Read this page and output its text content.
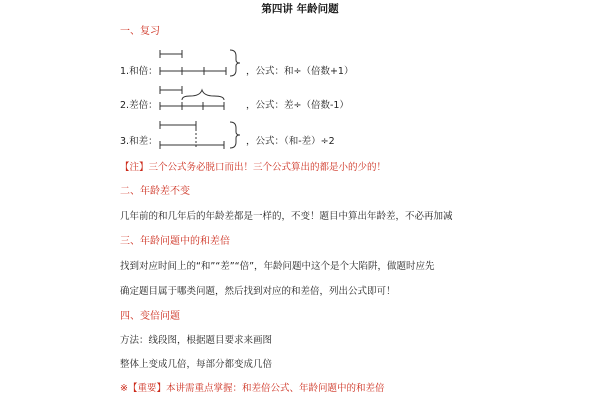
第四讲 年龄问题
一、复习
1.和倍：	，公式：和÷（倍数+1）
2.差倍：	，公式：差÷（倍数-1）
3.和差：	，公式：（和-差）÷2
【注】三个公式务必脱口而出！三个公式算出的都是小的少的！
二、年龄差不变
几年前的和几年后的年龄差都是一样的，不变！题目中算出年龄差，不必再加减
三、年龄问题中的和差倍
找到对应时间上的“和”“差”“倍”，年龄问题中这个是个大陷阱，做题时应先
确定题目属于哪类问题，然后找到对应的和差倍，列出公式即可！
四、变倍问题
方法：线段图，根据题目要求来画图
整体上变成几倍，每部分都变成几倍
※【重要】本讲需重点掌握：和差倍公式、年龄问题中的和差倍
